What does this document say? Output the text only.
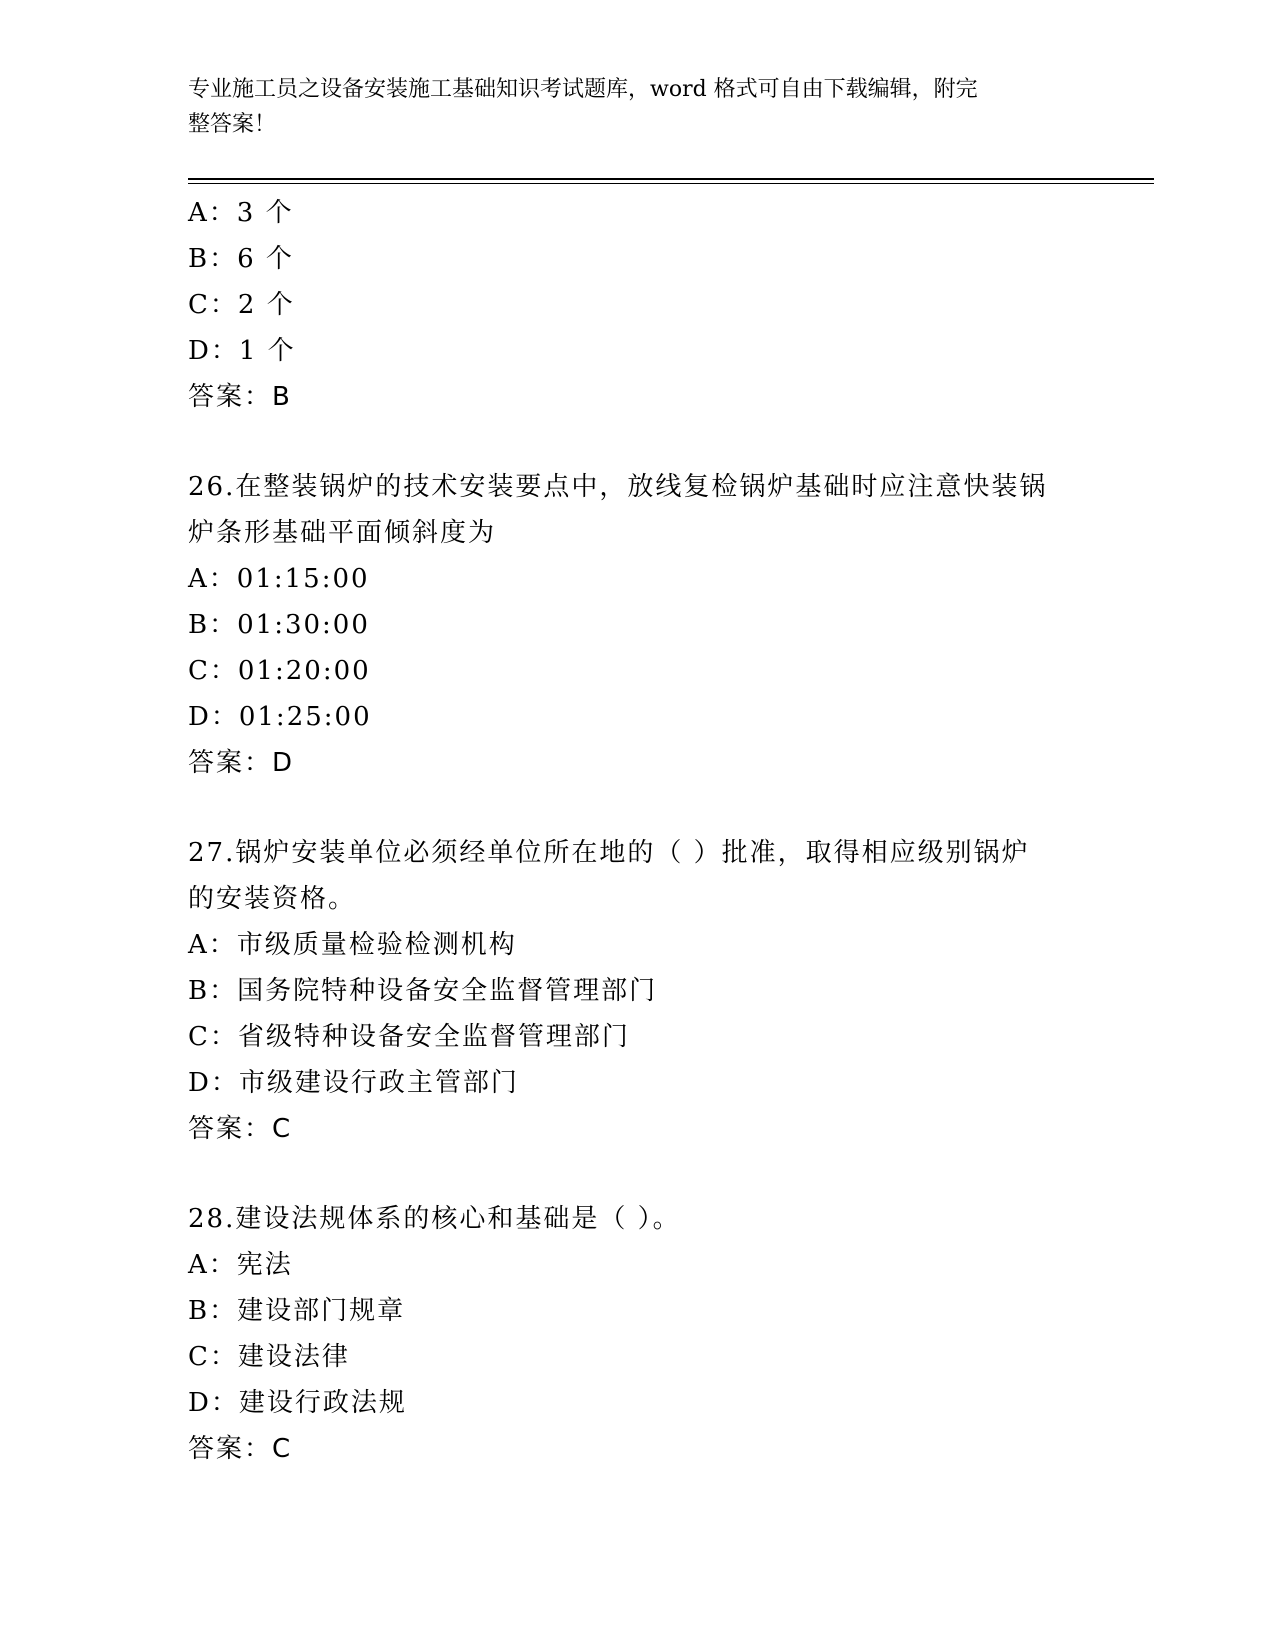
专业施工员之设备安装施工基础知识考试题库，word 格式可自由下载编辑，附完
整答案！
A：3 个
B：6 个
C：2 个
D：1 个
答案：B
26.在整装锅炉的技术安装要点中，放线复检锅炉基础时应注意快装锅
炉条形基础平面倾斜度为
A：01:15:00
B：01:30:00
C：01:20:00
D：01:25:00
答案：D
27.锅炉安装单位必须经单位所在地的（ ）批准，取得相应级别锅炉
的安装资格。
A：市级质量检验检测机构
B：国务院特种设备安全监督管理部门
C：省级特种设备安全监督管理部门
D：市级建设行政主管部门
答案：C
28.建设法规体系的核心和基础是（ ）。
A：宪法
B：建设部门规章
C：建设法律
D：建设行政法规
答案：C
